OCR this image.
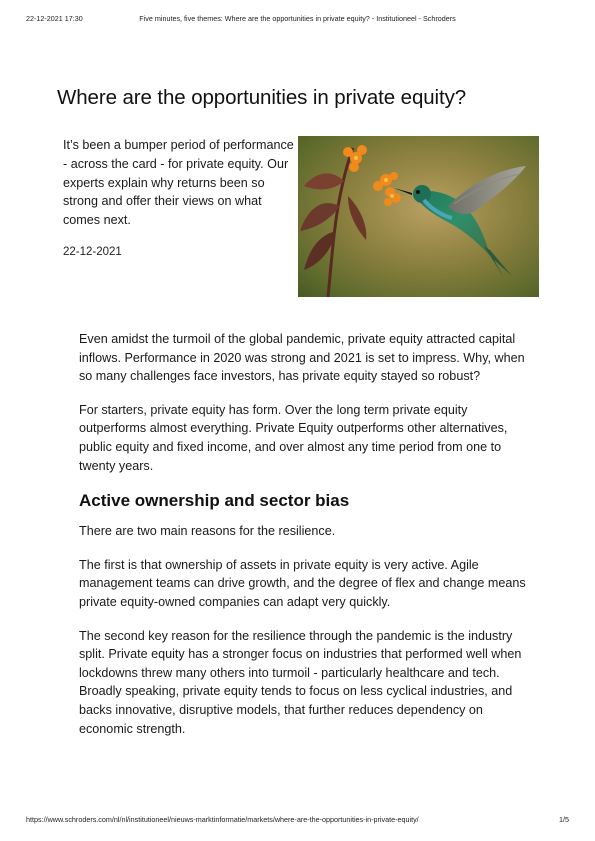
22-12-2021 17:30	Five minutes, five themes: Where are the opportunities in private equity? - Institutioneel - Schroders
Where are the opportunities in private equity?
It’s been a bumper period of performance - across the card - for private equity. Our experts explain why returns been so strong and offer their views on what comes next.
22-12-2021

Even amidst the turmoil of the global pandemic, private equity attracted capital inflows. Performance in 2020 was strong and 2021 is set to impress. Why, when so many challenges face investors, has private equity stayed so robust?

For starters, private equity has form. Over the long term private equity outperforms almost everything. Private Equity outperforms other alternatives, public equity and fixed income, and over almost any time period from one to twenty years.

Active ownership and sector bias

There are two main reasons for the resilience.

The first is that ownership of assets in private equity is very active. Agile management teams can drive growth, and the degree of flex and change means private equity-owned companies can adapt very quickly.

The second key reason for the resilience through the pandemic is the industry split. Private equity has a stronger focus on industries that performed well when lockdowns threw many others into turmoil - particularly healthcare and tech. Broadly speaking, private equity tends to focus on less cyclical industries, and backs innovative, disruptive models, that further reduces dependency on economic strength.

https://www.schroders.com/nl/nl/institutioneel/nieuws-marktinformatie/markets/where-are-the-opportunities-in-private-equity/	1/5
